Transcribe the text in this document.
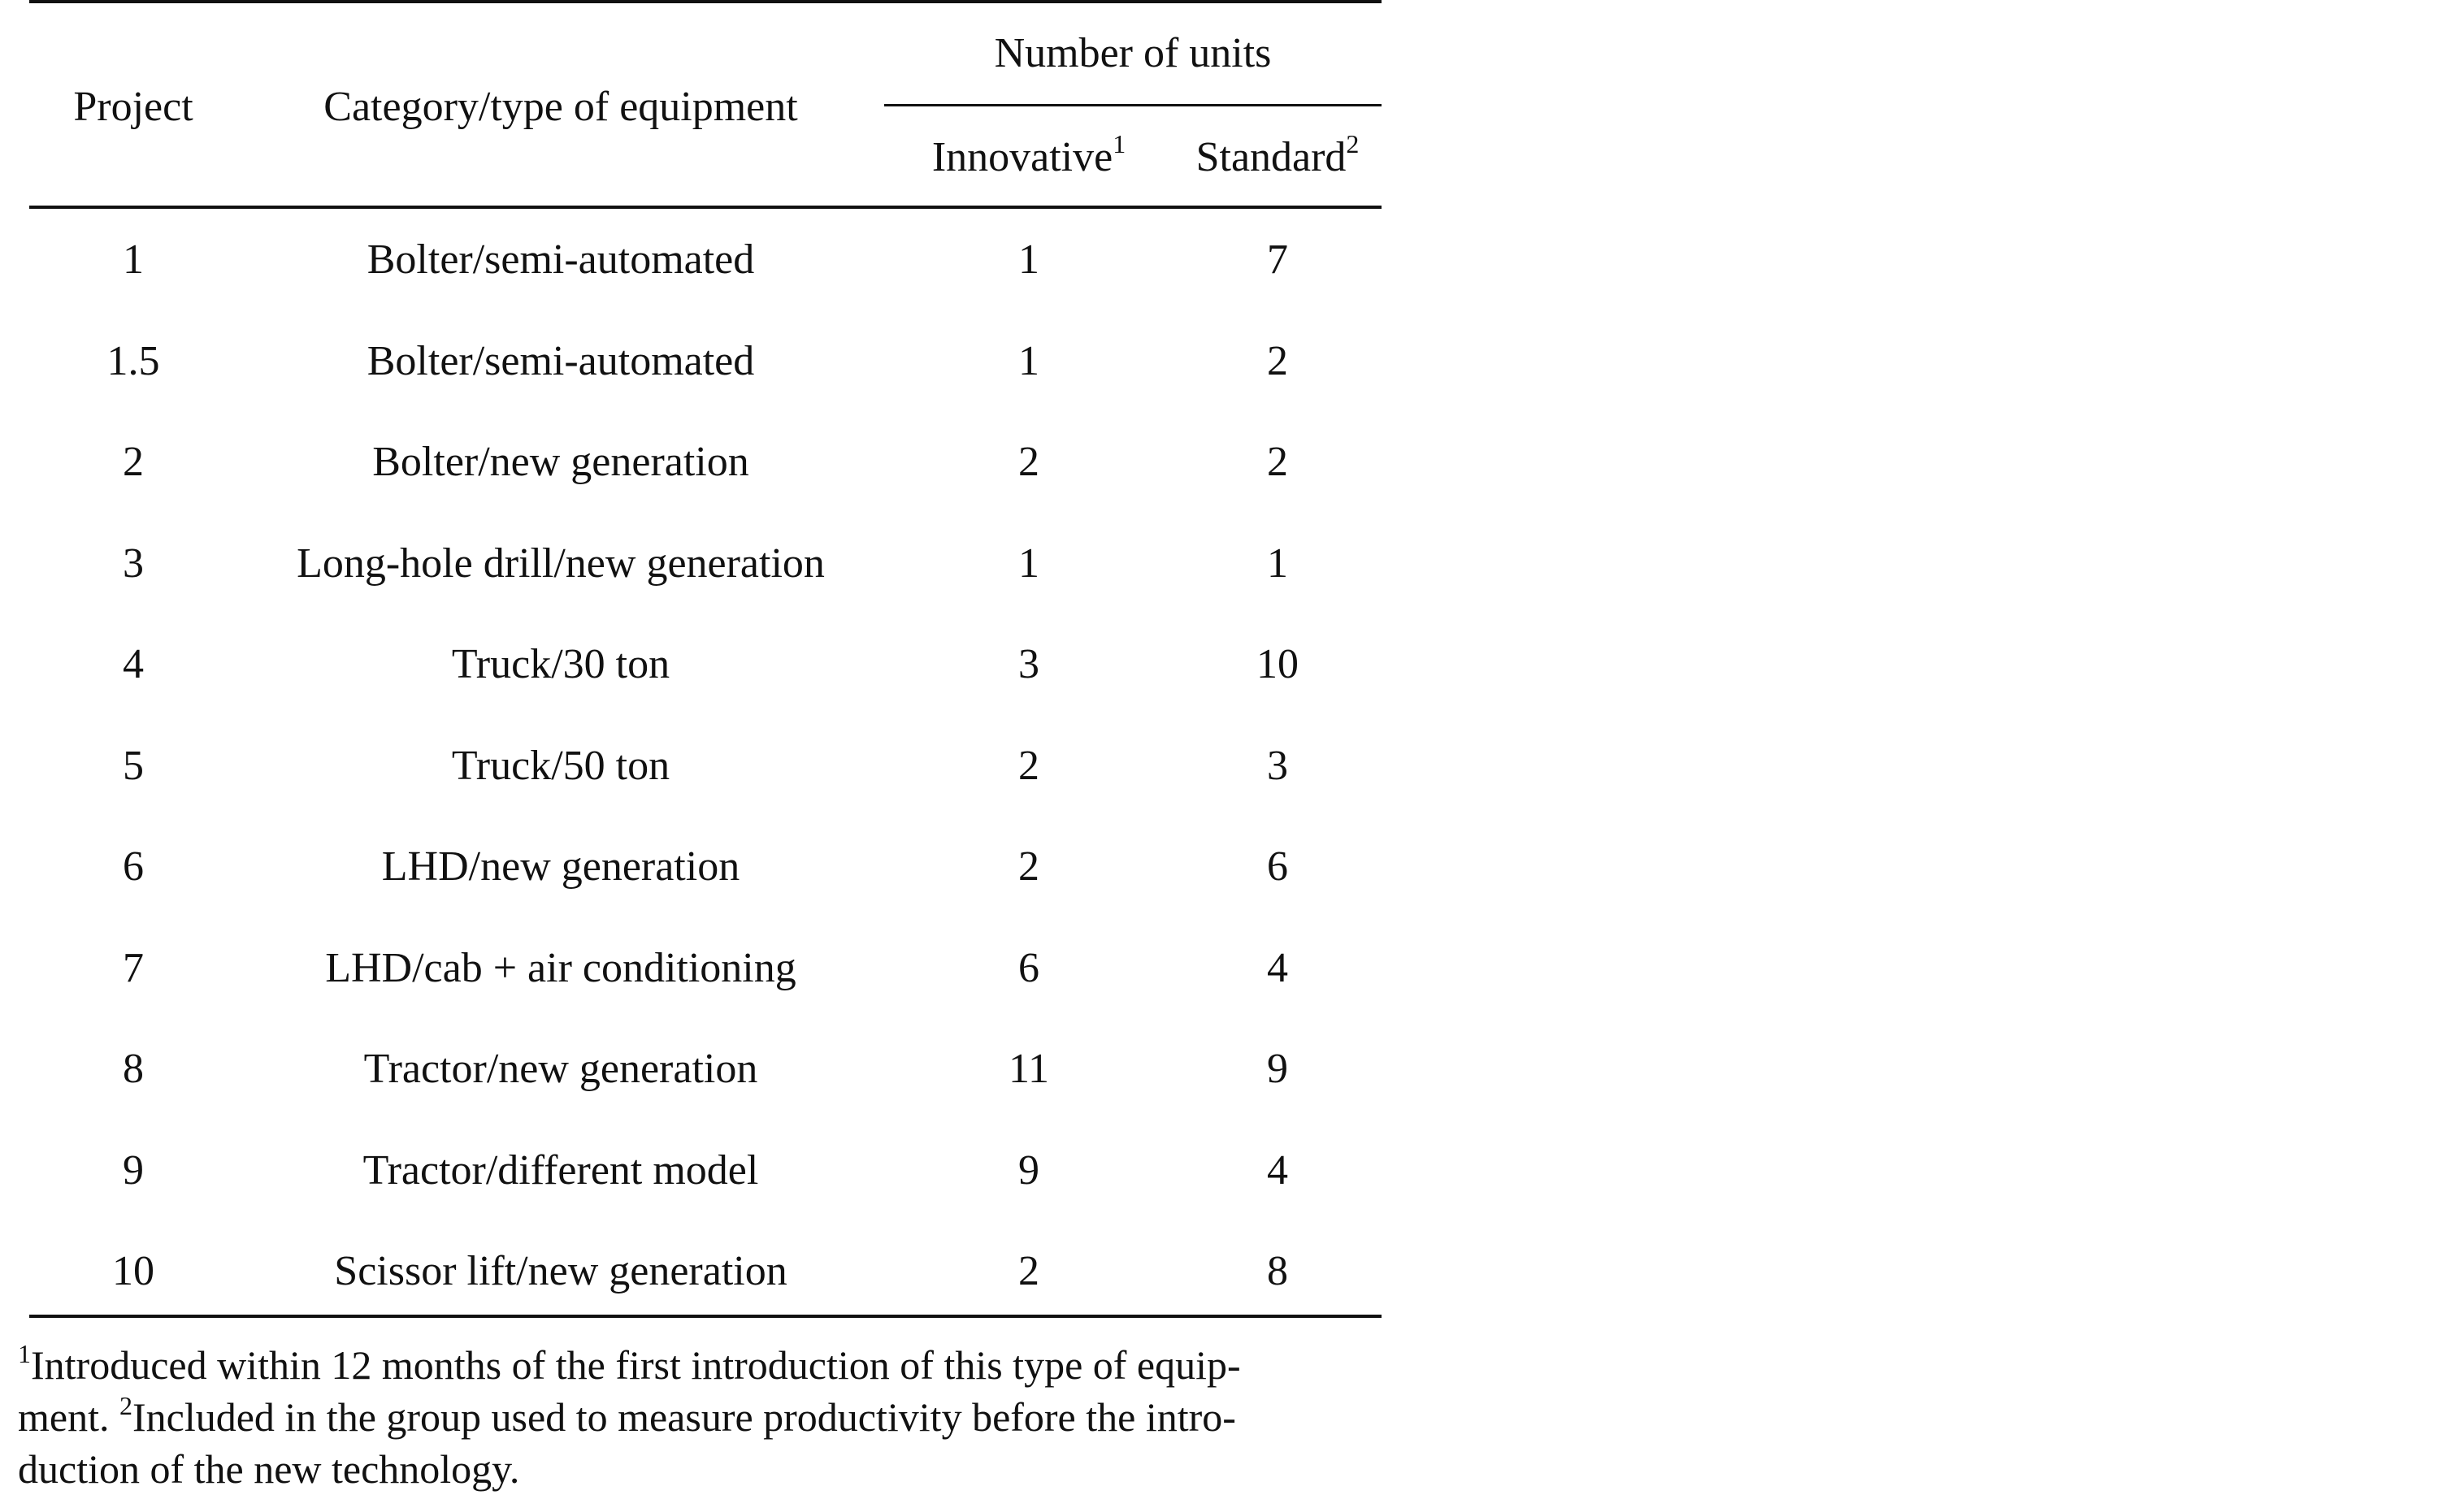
Project	Category/type of equipment
Number of units
Innovative$^1$	Standard$^2$
1	Bolter/semi-automated	1	7
1.5	Bolter/semi-automated	1	2
2	Bolter/new generation	2	2
3	Long-hole drill/new generation	1	1
4	Truck/30 ton	3	10
5	Truck/50 ton	2	3
6	LHD/new generation	2	6
7	LHD/cab + air conditioning	6	4
8	Tractor/new generation	11	9
9	Tractor/different model	9	4
10	Scissor lift/new generation	2	8
$^1$Introduced within 12 months of the first introduction of this type of equip-
ment. $^2$Included in the group used to measure productivity before the intro-
duction of the new technology.
